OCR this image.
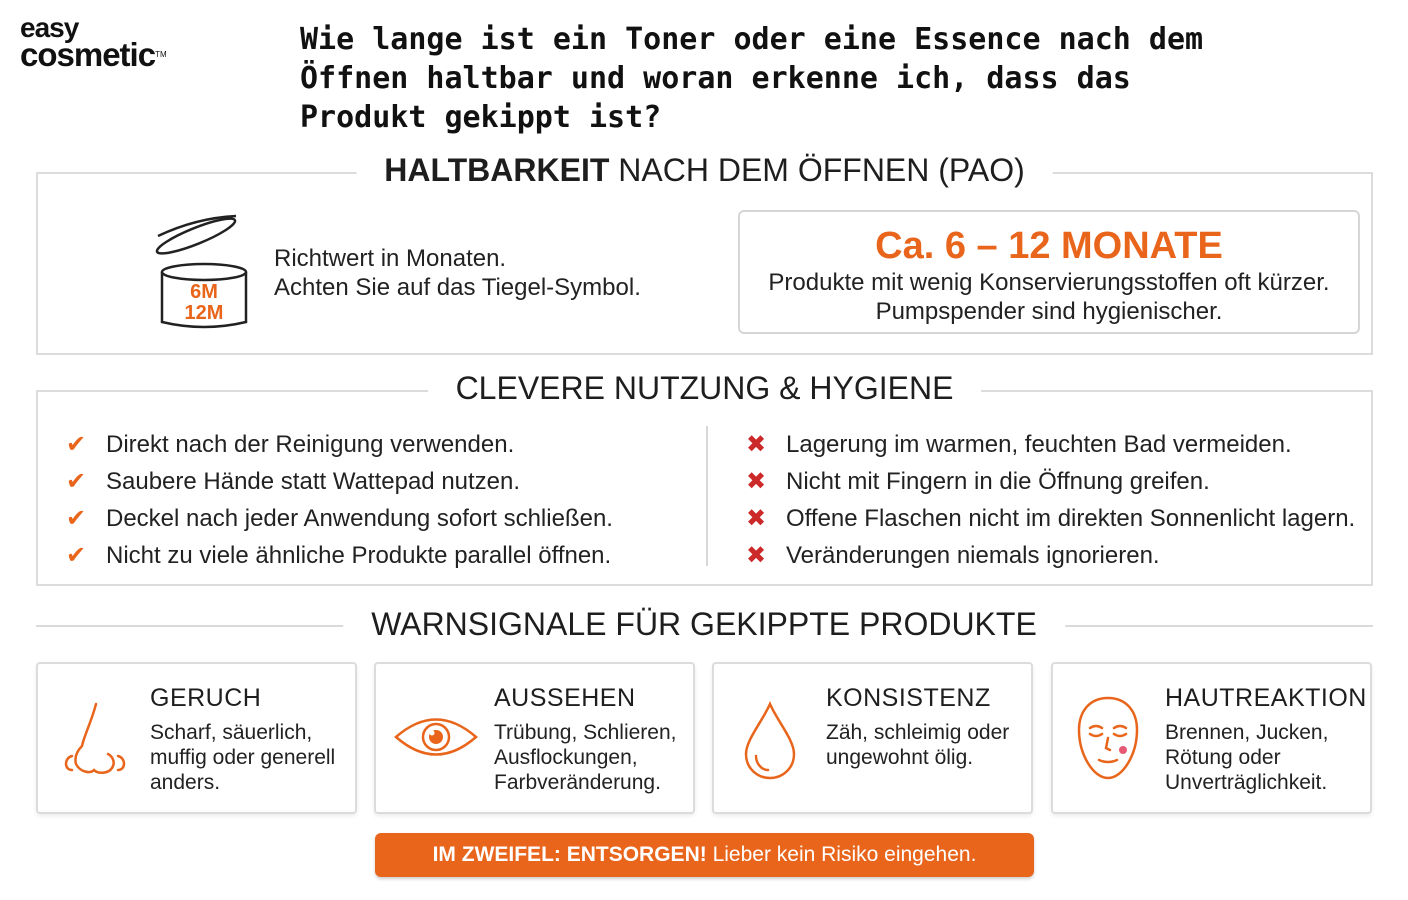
easy
cosmetic™	Wie lange ist ein Toner oder eine Essence nach dem Öffnen haltbar und woran erkenne ich, dass das Produkt gekippt ist?
HALTBARKEIT NACH DEM ÖFFNEN (PAO)
6M
12M
Richtwert in Monaten.
Achten Sie auf das Tiegel-Symbol.
Ca. 6 – 12 MONATE
Produkte mit wenig Konservierungsstoffen oft kürzer.
Pumpspender sind hygienischer.
CLEVERE NUTZUNG & HYGIENE
✔ Direkt nach der Reinigung verwenden.
✔ Saubere Hände statt Wattepad nutzen.
✔ Deckel nach jeder Anwendung sofort schließen.
✔ Nicht zu viele ähnliche Produkte parallel öffnen.
✖ Lagerung im warmen, feuchten Bad vermeiden.
✖ Nicht mit Fingern in die Öffnung greifen.
✖ Offene Flaschen nicht im direkten Sonnenlicht lagern.
✖ Veränderungen niemals ignorieren.
WARNSIGNALE FÜR GEKIPPTE PRODUKTE
GERUCH
Scharf, säuerlich,
muffig oder generell
anders.
AUSSEHEN
Trübung, Schlieren,
Ausflockungen,
Farbveränderung.
KONSISTENZ
Zäh, schleimig oder
ungewohnt ölig.
HAUTREAKTION
Brennen, Jucken,
Rötung oder
Unverträglichkeit.
IM ZWEIFEL: ENTSORGEN! Lieber kein Risiko eingehen.
